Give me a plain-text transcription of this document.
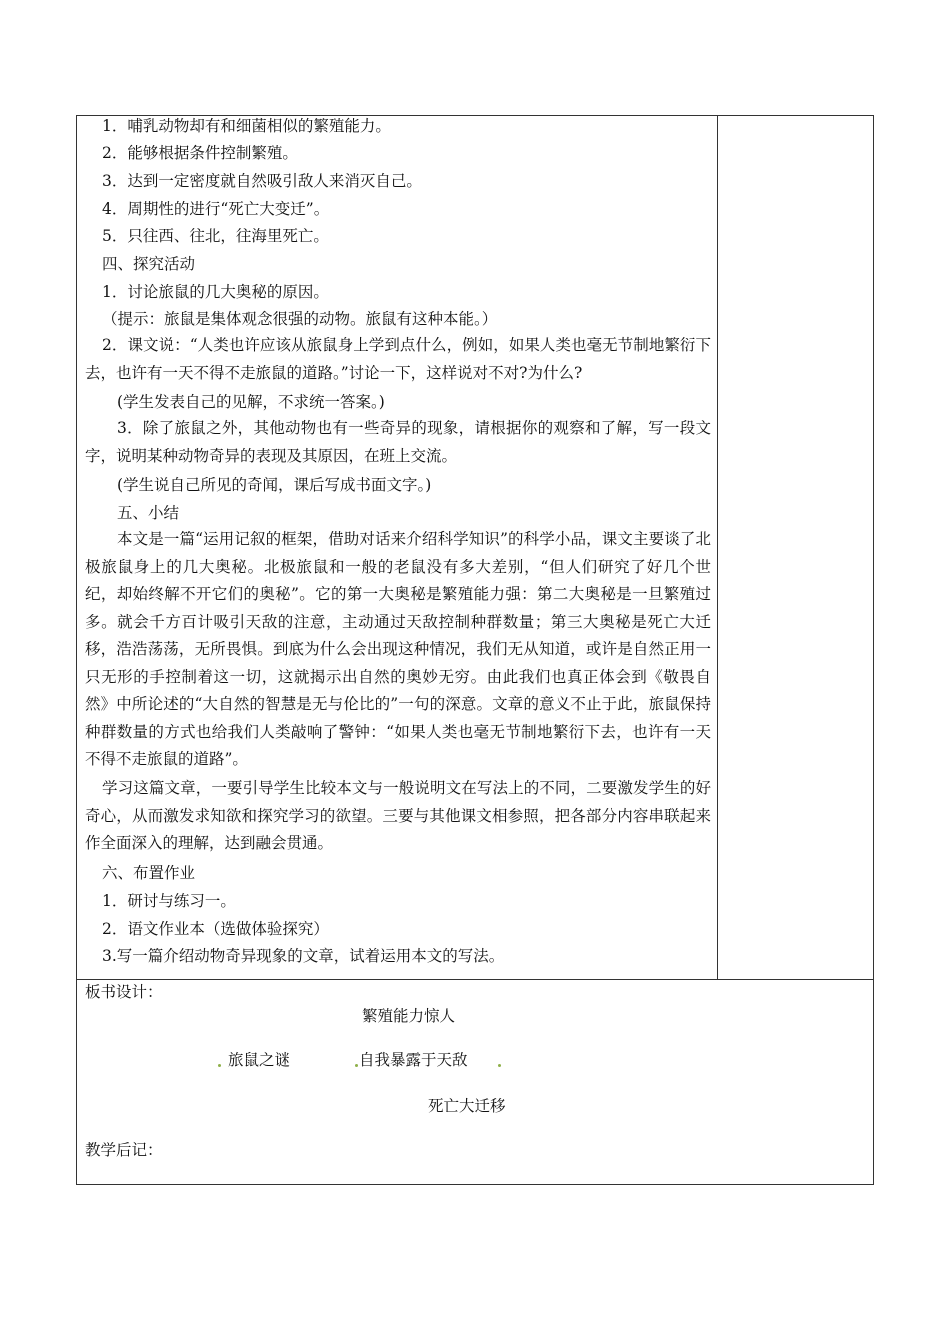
1．哺乳动物却有和细菌相似的繁殖能力。
2．能够根据条件控制繁殖。
3．达到一定密度就自然吸引敌人来消灭自己。
4．周期性的进行“死亡大变迁”。
5．只往西、往北，往海里死亡。
四、探究活动
1．讨论旅鼠的几大奥秘的原因。
（提示：旅鼠是集体观念很强的动物。旅鼠有这种本能。）
2．课文说：“人类也许应该从旅鼠身上学到点什么，例如，如果人类也毫无节制地繁衍下去，也许有一天不得不走旅鼠的道路。”讨论一下，这样说对不对?为什么?
(学生发表自己的见解，不求统一答案。)
3．除了旅鼠之外，其他动物也有一些奇异的现象，请根据你的观察和了解，写一段文字，说明某种动物奇异的表现及其原因，在班上交流。
(学生说自己所见的奇闻，课后写成书面文字。)
五、小结
本文是一篇“运用记叙的框架，借助对话来介绍科学知识”的科学小品，课文主要谈了北极旅鼠身上的几大奥秘。北极旅鼠和一般的老鼠没有多大差别，“但人们研究了好几个世纪，却始终解不开它们的奥秘”。它的第一大奥秘是繁殖能力强：第二大奥秘是一旦繁殖过多。就会千方百计吸引天敌的注意，主动通过天敌控制种群数量；第三大奥秘是死亡大迁移，浩浩荡荡，无所畏惧。到底为什么会出现这种情况，我们无从知道，或许是自然正用一只无形的手控制着这一切，这就揭示出自然的奥妙无穷。由此我们也真正体会到《敬畏自然》中所论述的“大自然的智慧是无与伦比的”一句的深意。文章的意义不止于此，旅鼠保持种群数量的方式也给我们人类敲响了警钟：“如果人类也毫无节制地繁衍下去，也许有一天不得不走旅鼠的道路”。
学习这篇文章，一要引导学生比较本文与一般说明文在写法上的不同，二要激发学生的好奇心，从而激发求知欲和探究学习的欲望。三要与其他课文相参照，把各部分内容串联起来作全面深入的理解，达到融会贯通。
六、布置作业
1．研讨与练习一。
2．语文作业本（选做体验探究）
3.写一篇介绍动物奇异现象的文章，试着运用本文的写法。
板书设计：
繁殖能力惊人
旅鼠之谜	自我暴露于天敌
死亡大迁移
教学后记：
